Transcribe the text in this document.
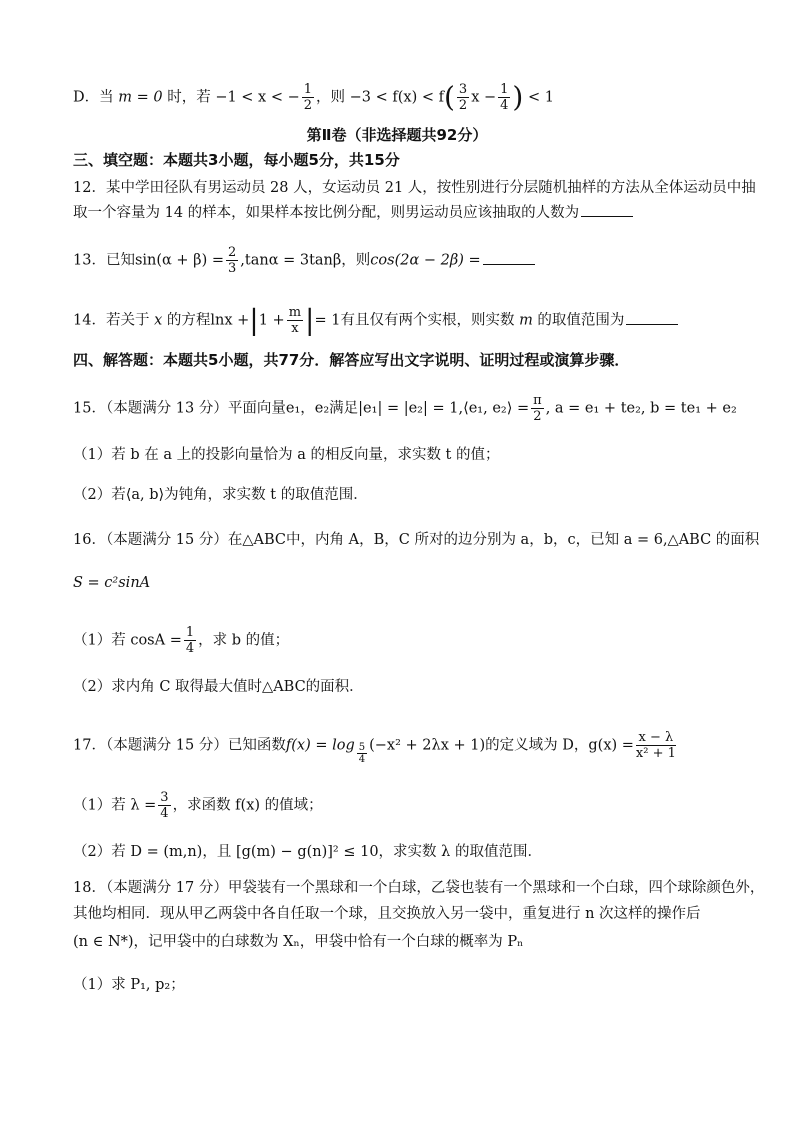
D．当 m = 0 时，若 −1 < x < − $\frac{1}{2}$ ，则 $-3 < f(x) < f( \frac{3}{2}$ $x - \frac{1}{4}$ ) < 1
第Ⅱ卷（非选择题共92分）
三、填空题：本题共3小题，每小题5分，共15分
12．某中学田径队有男运动员 28 人，女运动员 21 人，按性别进行分层随机抽样的方法从全体运动员中抽
取一个容量为 14 的样本，如果样本按比例分配，则男运动员应该抽取的人数为
13．已知$\sin(\alpha + \beta) = \frac{2}{3} ,\tan\alpha = 3\tan\beta$，则cos(2α − 2β) =
14．若关于 x 的方程$\ln x +|1 + \frac{m}{x}$ |= 1有且仅有两个实根，则实数 m 的取值范围为
四、解答题：本题共5小题，共77分．解答应写出文字说明、证明过程或演算步骤．
15．（本题满分 13 分）平面向量e₁，e₂满足|e₁| = |e₂| = 1,⟨e₁, e₂⟩ = $\frac{\pi}{2}$ , a = e₁ + te₂, b = te₁ + e₂
（1）若 b 在 a 上的投影向量恰为 a 的相反向量，求实数 t 的值；
（2）若⟨a, b⟩为钝角，求实数 t 的取值范围．
16．（本题满分 15 分）在△ABC中，内角 A，B，C 所对的边分别为 a，b，c，已知 a = 6,△ABC 的面积
S = c²sinA
（1）若 $\cos A = \frac{1}{4}$ ，求 b 的值；
（2）求内角 C 取得最大值时△ABC的面积．
17．（本题满分 15 分）已知函数$f(x) = \log \frac{5}{4} (-x^2 + 2\lambda x + 1)$的定义域为 D，$g(x) = \frac{x - \lambda}{\text{x² + 1}}$
（1）若 $\lambda = \frac{3}{4}$ ，求函数 f(x) 的值域；
（2）若 D = (m,n)，且 [g(m) − g(n)]² ≤ 10，求实数 λ 的取值范围．
18．（本题满分 17 分）甲袋装有一个黑球和一个白球，乙袋也装有一个黑球和一个白球，四个球除颜色外，
其他均相同．现从甲乙两袋中各自任取一个球，且交换放入另一袋中，重复进行 n 次这样的操作后
(n ∈ N*)，记甲袋中的白球数为 Xₙ，甲袋中恰有一个白球的概率为 Pₙ
（1）求 P₁, p₂；
